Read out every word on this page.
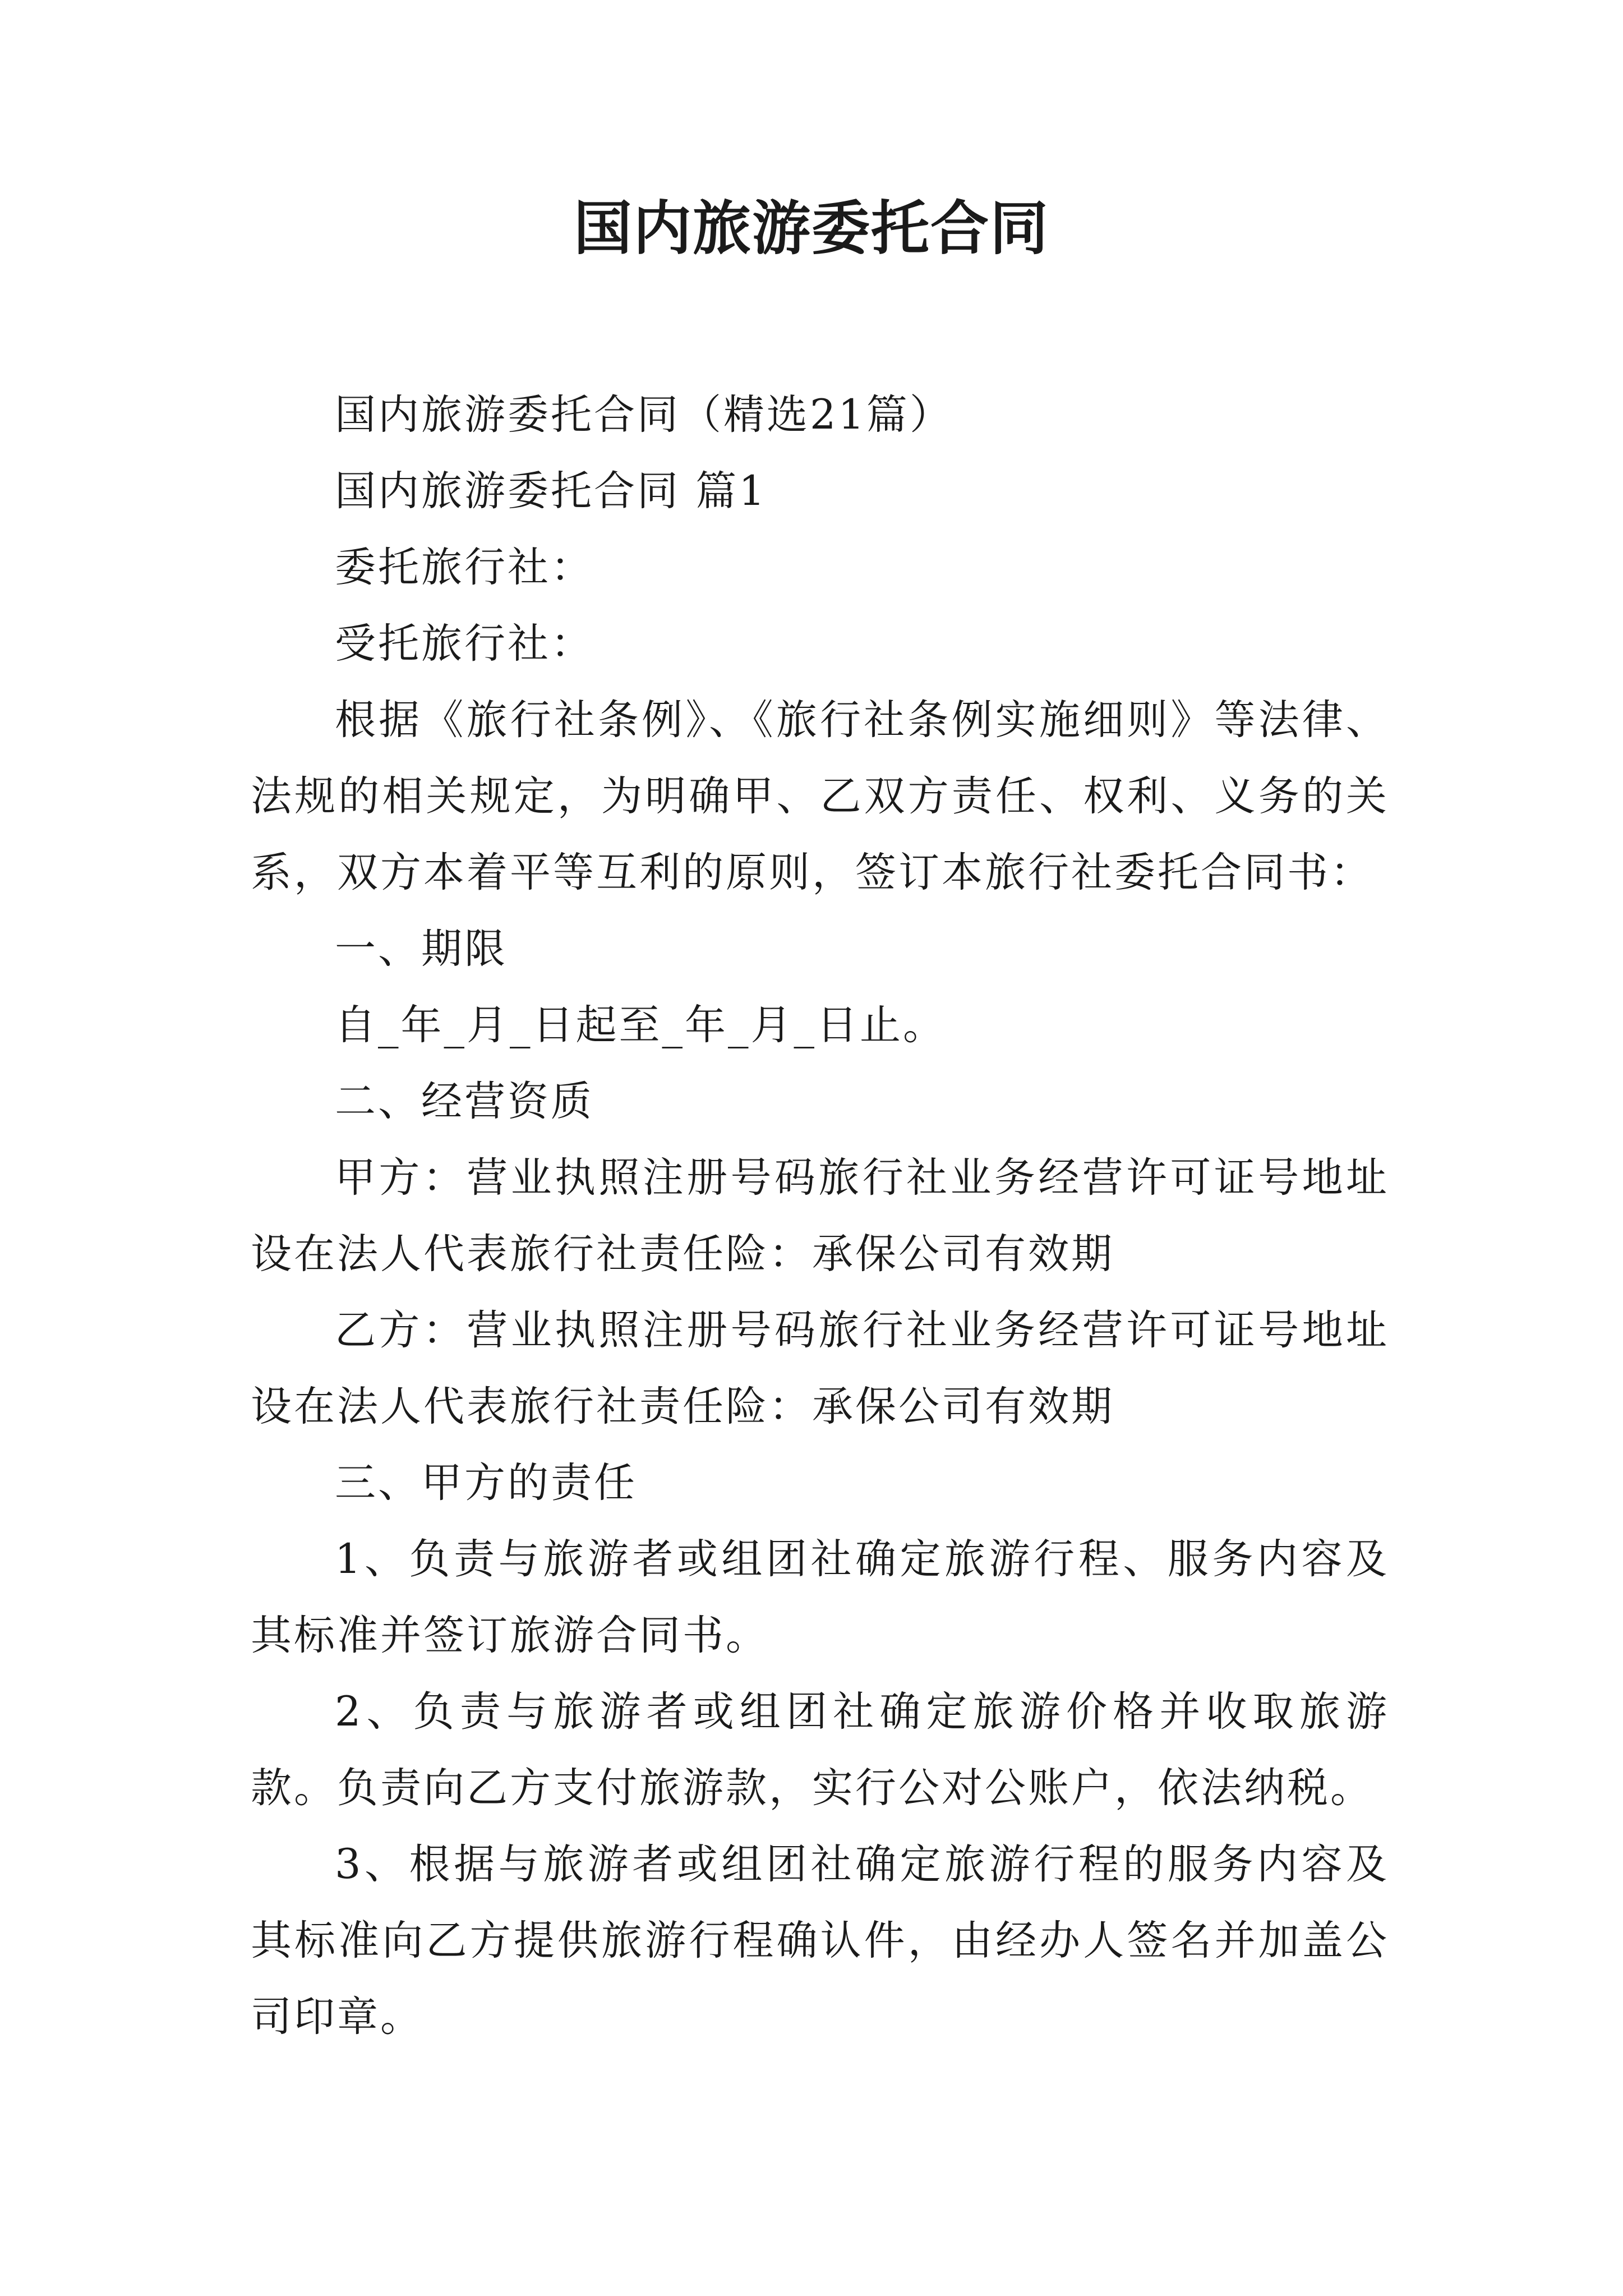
国内旅游委托合同

国内旅游委托合同（精选21篇）

国内旅游委托合同 篇1

委托旅行社：

受托旅行社：

根据《旅行社条例》、《旅行社条例实施细则》等法律、法规的相关规定，为明确甲、乙双方责任、权利、义务的关系，双方本着平等互利的原则，签订本旅行社委托合同书：

一、期限

自_年_月_日起至_年_月_日止。

二、经营资质

甲方：营业执照注册号码旅行社业务经营许可证号地址设在法人代表旅行社责任险：承保公司有效期

乙方：营业执照注册号码旅行社业务经营许可证号地址设在法人代表旅行社责任险：承保公司有效期

三、甲方的责任

1、负责与旅游者或组团社确定旅游行程、服务内容及其标准并签订旅游合同书。

2、负责与旅游者或组团社确定旅游价格并收取旅游款。负责向乙方支付旅游款，实行公对公账户，依法纳税。

3、根据与旅游者或组团社确定旅游行程的服务内容及其标准向乙方提供旅游行程确认件，由经办人签名并加盖公司印章。
